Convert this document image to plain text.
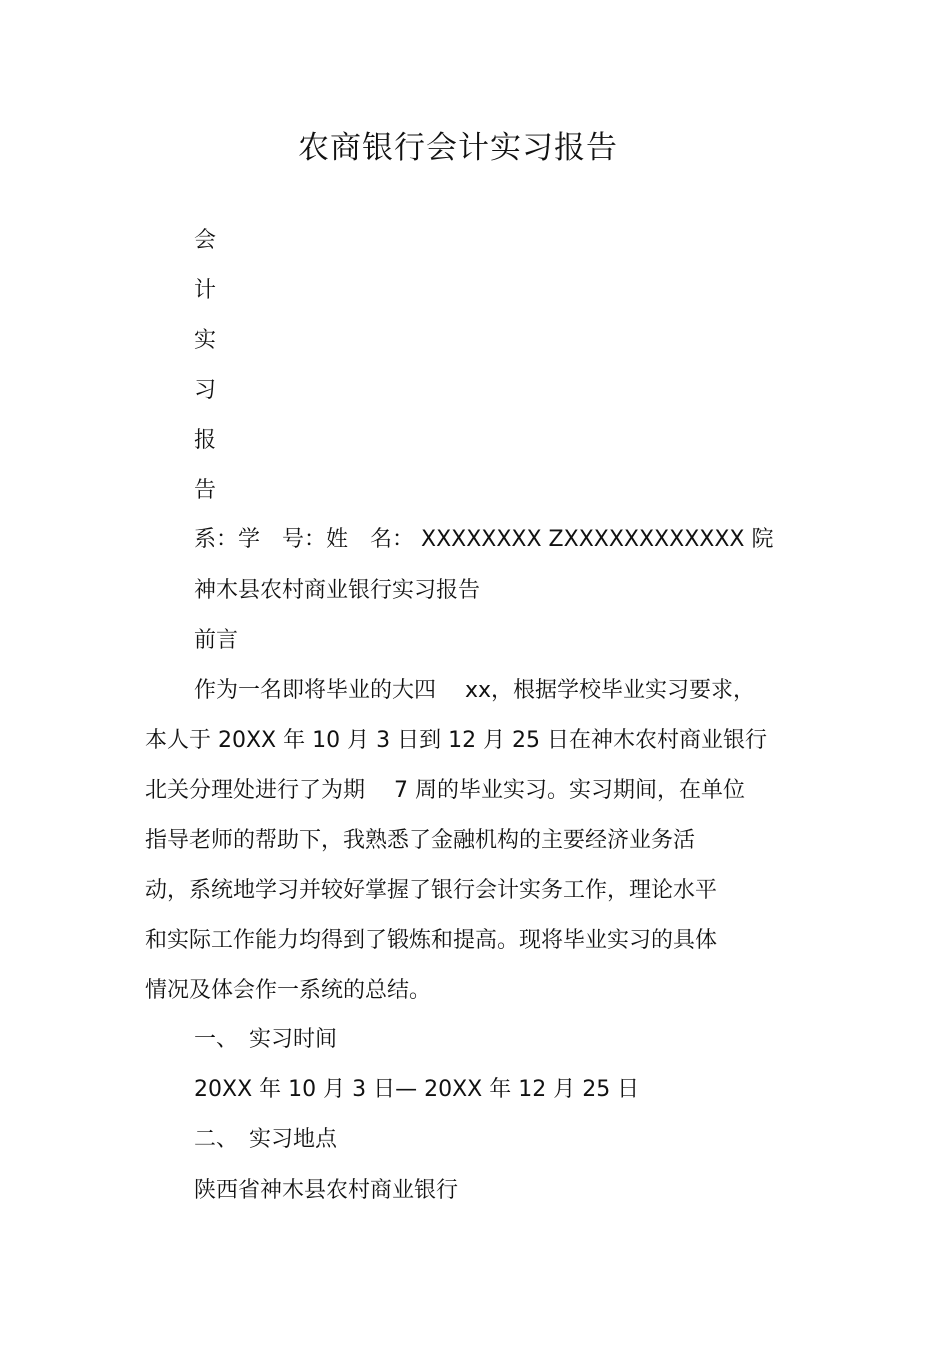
农商银行会计实习报告
会
计
实
习
报
告
系：学　号：姓　名： XXXXXXXX ZXXXXXXXXXXXX 院
神木县农村商业银行实习报告
前言
作为一名即将毕业的大四　 xx，根据学校毕业实习要求，
本人于 20XX 年 10 月 3 日到 12 月 25 日在神木农村商业银行
北关分理处进行了为期　 7 周的毕业实习。实习期间，在单位
指导老师的帮助下，我熟悉了金融机构的主要经济业务活
动，系统地学习并较好掌握了银行会计实务工作，理论水平
和实际工作能力均得到了锻炼和提高。现将毕业实习的具体
情况及体会作一系统的总结。
一、　实习时间
20XX 年 10 月 3 日— 20XX 年 12 月 25 日
二、　实习地点
陕西省神木县农村商业银行
